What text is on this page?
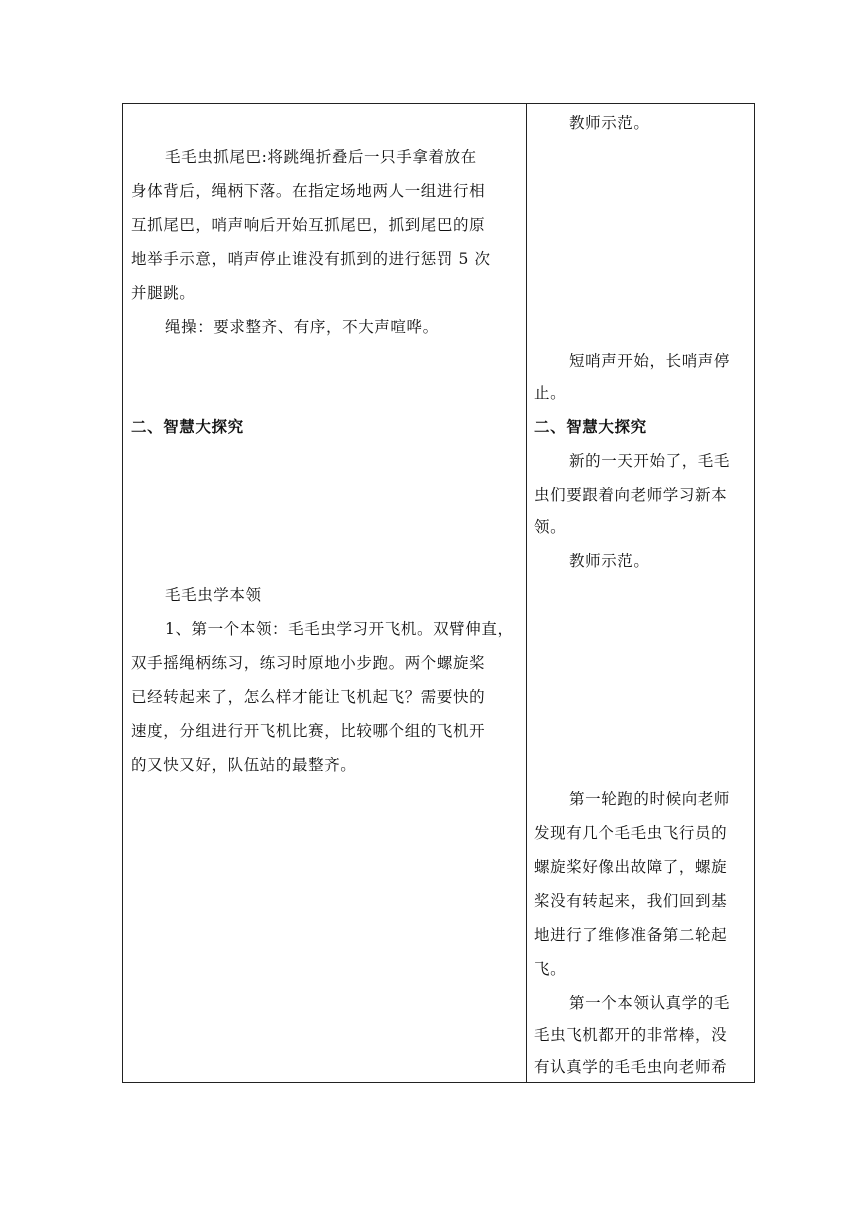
毛毛虫抓尾巴:将跳绳折叠后一只手拿着放在
身体背后，绳柄下落。在指定场地两人一组进行相
互抓尾巴，哨声响后开始互抓尾巴，抓到尾巴的原
地举手示意，哨声停止谁没有抓到的进行惩罚 5 次
并腿跳。
绳操：要求整齐、有序，不大声喧哗。
二、智慧大探究
毛毛虫学本领
1、第一个本领：毛毛虫学习开飞机。双臂伸直，
双手摇绳柄练习，练习时原地小步跑。两个螺旋桨
已经转起来了，怎么样才能让飞机起飞？需要快的
速度，分组进行开飞机比赛，比较哪个组的飞机开
的又快又好，队伍站的最整齐。
教师示范。
短哨声开始，长哨声停
止。
二、智慧大探究
新的一天开始了，毛毛
虫们要跟着向老师学习新本
领。
教师示范。
第一轮跑的时候向老师
发现有几个毛毛虫飞行员的
螺旋桨好像出故障了，螺旋
桨没有转起来，我们回到基
地进行了维修准备第二轮起
飞。
第一个本领认真学的毛
毛虫飞机都开的非常棒，没
有认真学的毛毛虫向老师希
